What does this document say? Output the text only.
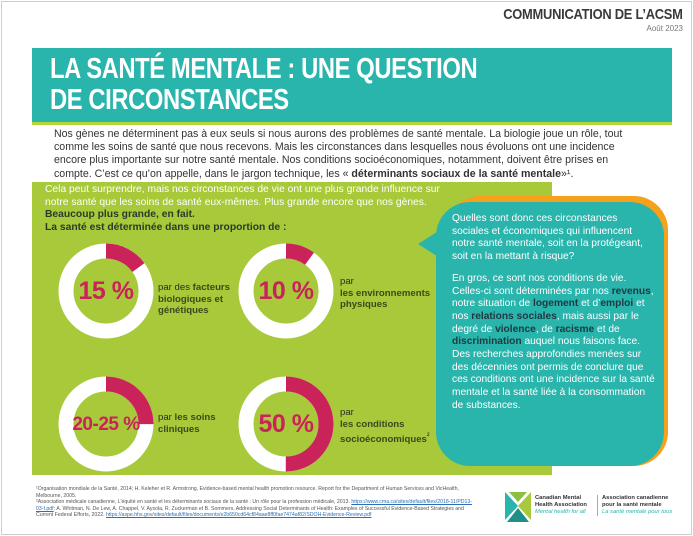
COMMUNICATION DE L’ACSM
Août 2023
LA SANTÉ MENTALE : UNE QUESTION
DE CIRCONSTANCES
Nos gènes ne déterminent pas à eux seuls si nous aurons des problèmes de santé mentale. La biologie joue un rôle, tout comme les soins de santé que nous recevons. Mais les circonstances dans lesquelles nous évoluons ont une incidence encore plus importante sur notre santé mentale. Nos conditions socioéconomiques, notamment, doivent être prises en compte. C’est ce qu’on appelle, dans le jargon technique, les « déterminants sociaux de la santé mentale»¹.
Cela peut surprendre, mais nos circonstances de vie ont une plus grande influence sur notre santé que les soins de santé eux-mêmes. Plus grande encore que nos gènes. Beaucoup plus grande, en fait.
La santé est déterminée dans une proportion de :
15 %	par des facteurs biologiques et génétiques
10 %	par
les environnements physiques
20-25 %	par les soins cliniques	50 %	par
les conditions socioéconomiques$^{^2}$

Quelles sont donc ces circonstances sociales et économiques qui influencent notre santé mentale, soit en la protégeant, soit en la mettant à risque?

En gros, ce sont nos conditions de vie. Celles-ci sont déterminées par nos revenus, notre situation de logement et d’emploi et nos relations sociales, mais aussi par le degré de violence, de racisme et de discrimination auquel nous faisons face. Des recherches approfondies menées sur des décennies ont permis de conclure que ces conditions ont une incidence sur la santé mentale et la santé liée à la consommation de substances.

¹Organisation mondiale de la Santé, 2014; H. Keleher et R. Armstrong, Evidence-based mental health promotion resource. Report for the Department of Human Services and VicHealth, Melbourne, 2005.
²Association médicale canadienne, L'équité en santé et les déterminants sociaux de la santé : Un rôle pour la profession médicale, 2013. https://www.cma.ca/sites/default/files/2018-11/PD13-03-f.pdf; A. Whitman, N. De Lew, A. Chappel, V. Aysola, R. Zuckerman et B. Sommers, Addressing Social Determinants of Health: Examples of Successful Evidence-Based Strategies and Current Federal Efforts, 2022. https://aspe.hhs.gov/sites/default/files/documents/e2b650cd64cf84aae8ff0fae7474af82/SDOH-Evidence-Review.pdf
Canadian Mental
Health Association
Mental health for all
Association canadienne
pour la santé mentale
La santé mentale pour tous
